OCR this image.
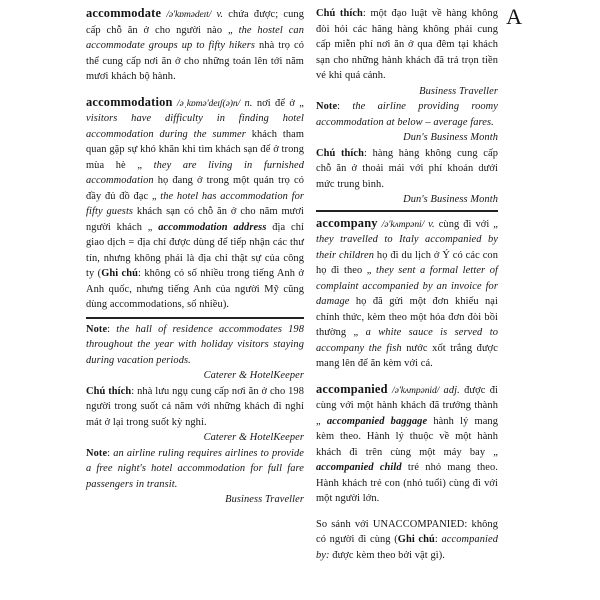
A

accommodate /ə'kɒmədeɪt/ v. chứa được; cung cấp chỗ ăn ở cho người nào „ the hostel can accommodate groups up to fifty hikers nhà trọ có thể cung cấp nơi ăn ở cho những toán lên tới năm mươi khách bộ hành.

accommodation /əˌkɒmə'deɪʃ(ə)n/ n. nơi để ở „ visitors have difficulty in finding hotel accommodation during the summer khách tham quan gặp sự khó khăn khi tìm khách sạn để ở trong mùa hè „ they are living in furnished accommodation họ đang ở trong một quán trọ có đầy đủ đồ đạc „ the hotel has accommodation for fifty guests khách sạn có chỗ ăn ở cho năm mươi người khách „ accommodation address địa chỉ giao dịch = địa chỉ được dùng để tiếp nhận các thư tín, nhưng không phải là địa chỉ thật sự của công ty (Ghi chú: không có số nhiều trong tiếng Anh ở Anh quốc, nhưng tiếng Anh của người Mỹ cũng dùng accommodations, số nhiều).

Note: the hall of residence accommodates 198 throughout the year with holiday visitors staying during vacation periods.

Caterer & HotelKeeper

Chú thích: nhà lưu ngụ cung cấp nơi ăn ở cho 198 người trong suốt cả năm với những khách đi nghỉ mát ở lại trong suốt kỳ nghỉ.

Caterer & HotelKeeper

Note: an airline ruling requires airlines to provide a free night's hotel accommodation for full fare passengers in transit.

Business Traveller

Chú thích: một đạo luật về hàng không đòi hỏi các hãng hàng không phải cung cấp miễn phí nơi ăn ở qua đêm tại khách sạn cho những hành khách đã trả trọn tiền vé khi quá cảnh.

Business Traveller

Note: the airline providing roomy accommodation at below – average fares.

Dun's Business Month

Chú thích: hàng hàng không cung cấp chỗ ăn ở thoải mái với phí khoản dưới mức trung bình.

Dun's Business Month

accompany /ə'kʌmpəni/ v. cùng đi với „ they travelled to Italy accompanied by their children họ đi du lịch ở Ý có các con họ đi theo „ they sent a formal letter of complaint accompanied by an invoice for damage họ đã gửi một đơn khiếu nại chính thức, kèm theo một hóa đơn đòi bồi thường „ a white sauce is served to accompany the fish nước xốt trắng được mang lên để ăn kèm với cá.

accompanied /ə'kʌmpənid/ adj. được đi cùng với một hành khách đã trưởng thành „ accompanied baggage hành lý mang kèm theo. Hành lý thuộc về một hành khách đi trên cùng một máy bay „ accompanied child trẻ nhỏ mang theo. Hành khách trẻ con (nhỏ tuổi) cùng đi với một người lớn.

So sánh với UNACCOMPANIED: không có người đi cùng (Ghi chú: accompanied by: được kèm theo bởi vật gì).
